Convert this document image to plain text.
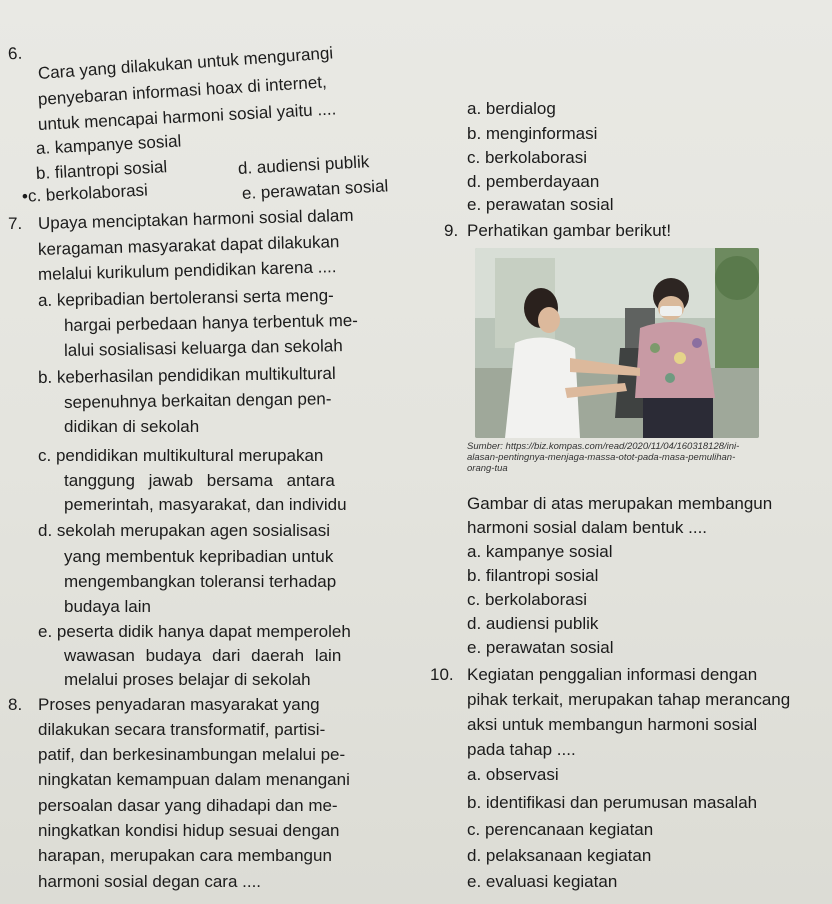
6. Cara yang dilakukan untuk mengurangi
penyebaran informasi hoax di internet,
untuk mencapai harmoni sosial yaitu ....
a. kampanye sosial
d. audiensi publik
b. filantropi sosial
e. perawatan sosial
•c. berkolaborasi
a. berdialog
b. menginformasi
c. berkolaborasi
d. pemberdayaan
e. perawatan sosial
7. Upaya menciptakan harmoni sosial dalam
keragaman masyarakat dapat dilakukan
melalui kurikulum pendidikan karena ....
a. kepribadian bertoleransi serta meng-
hargai perbedaan hanya terbentuk me-
lalui sosialisasi keluarga dan sekolah
b. keberhasilan pendidikan multikultural
sepenuhnya berkaitan dengan pen-
didikan di sekolah
c. pendidikan multikultural merupakan
tanggung jawab bersama antara
pemerintah, masyarakat, dan individu
d. sekolah merupakan agen sosialisasi
yang membentuk kepribadian untuk
mengembangkan toleransi terhadap
budaya lain
e. peserta didik hanya dapat memperoleh
wawasan budaya dari daerah lain
melalui proses belajar di sekolah
8. Proses penyadaran masyarakat yang
dilakukan secara transformatif, partisi-
patif, dan berkesinambungan melalui pe-
ningkatan kemampuan dalam menangani
persoalan dasar yang dihadapi dan me-
ningkatkan kondisi hidup sesuai dengan
harapan, merupakan cara membangun
harmoni sosial degan cara ....
9. Perhatikan gambar berikut!
Sumber: https://biz.kompas.com/read/2020/11/04/160318128/ini-
alasan-pentingnya-menjaga-massa-otot-pada-masa-pemulihan-
orang-tua
Gambar di atas merupakan membangun
harmoni sosial dalam bentuk ....
a. kampanye sosial
b. filantropi sosial
c. berkolaborasi
d. audiensi publik
e. perawatan sosial
10. Kegiatan penggalian informasi dengan
pihak terkait, merupakan tahap merancang
aksi untuk membangun harmoni sosial
pada tahap ....
a. observasi
b. identifikasi dan perumusan masalah
c. perencanaan kegiatan
d. pelaksanaan kegiatan
e. evaluasi kegiatan
